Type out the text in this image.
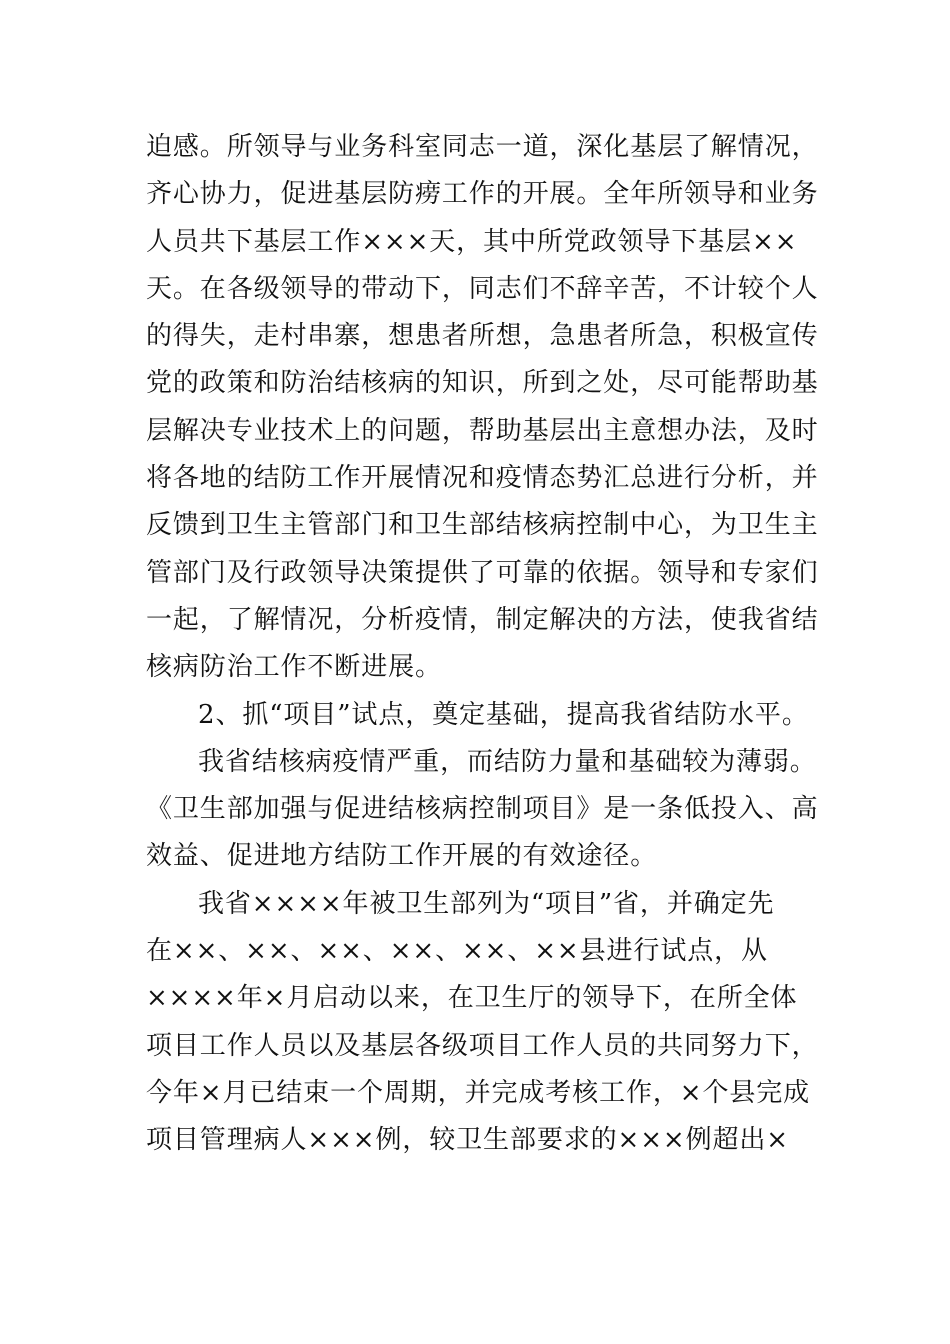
迫感。所领导与业务科室同志一道，深化基层了解情况，
齐心协力，促进基层防痨工作的开展。全年所领导和业务
人员共下基层工作×××天，其中所党政领导下基层××
天。在各级领导的带动下，同志们不辞辛苦，不计较个人
的得失，走村串寨，想患者所想，急患者所急，积极宣传
党的政策和防治结核病的知识，所到之处，尽可能帮助基
层解决专业技术上的问题，帮助基层出主意想办法，及时
将各地的结防工作开展情况和疫情态势汇总进行分析，并
反馈到卫生主管部门和卫生部结核病控制中心，为卫生主
管部门及行政领导决策提供了可靠的依据。领导和专家们
一起，了解情况，分析疫情，制定解决的方法，使我省结
核病防治工作不断进展。
2、抓“项目”试点，奠定基础，提高我省结防水平。
我省结核病疫情严重，而结防力量和基础较为薄弱。
《卫生部加强与促进结核病控制项目》是一条低投入、高
效益、促进地方结防工作开展的有效途径。
我省××××年被卫生部列为“项目”省，并确定先
在××、××、××、××、××、××县进行试点，从
××××年×月启动以来，在卫生厅的领导下，在所全体
项目工作人员以及基层各级项目工作人员的共同努力下，
今年×月已结束一个周期，并完成考核工作，×个县完成
项目管理病人×××例，较卫生部要求的×××例超出×
